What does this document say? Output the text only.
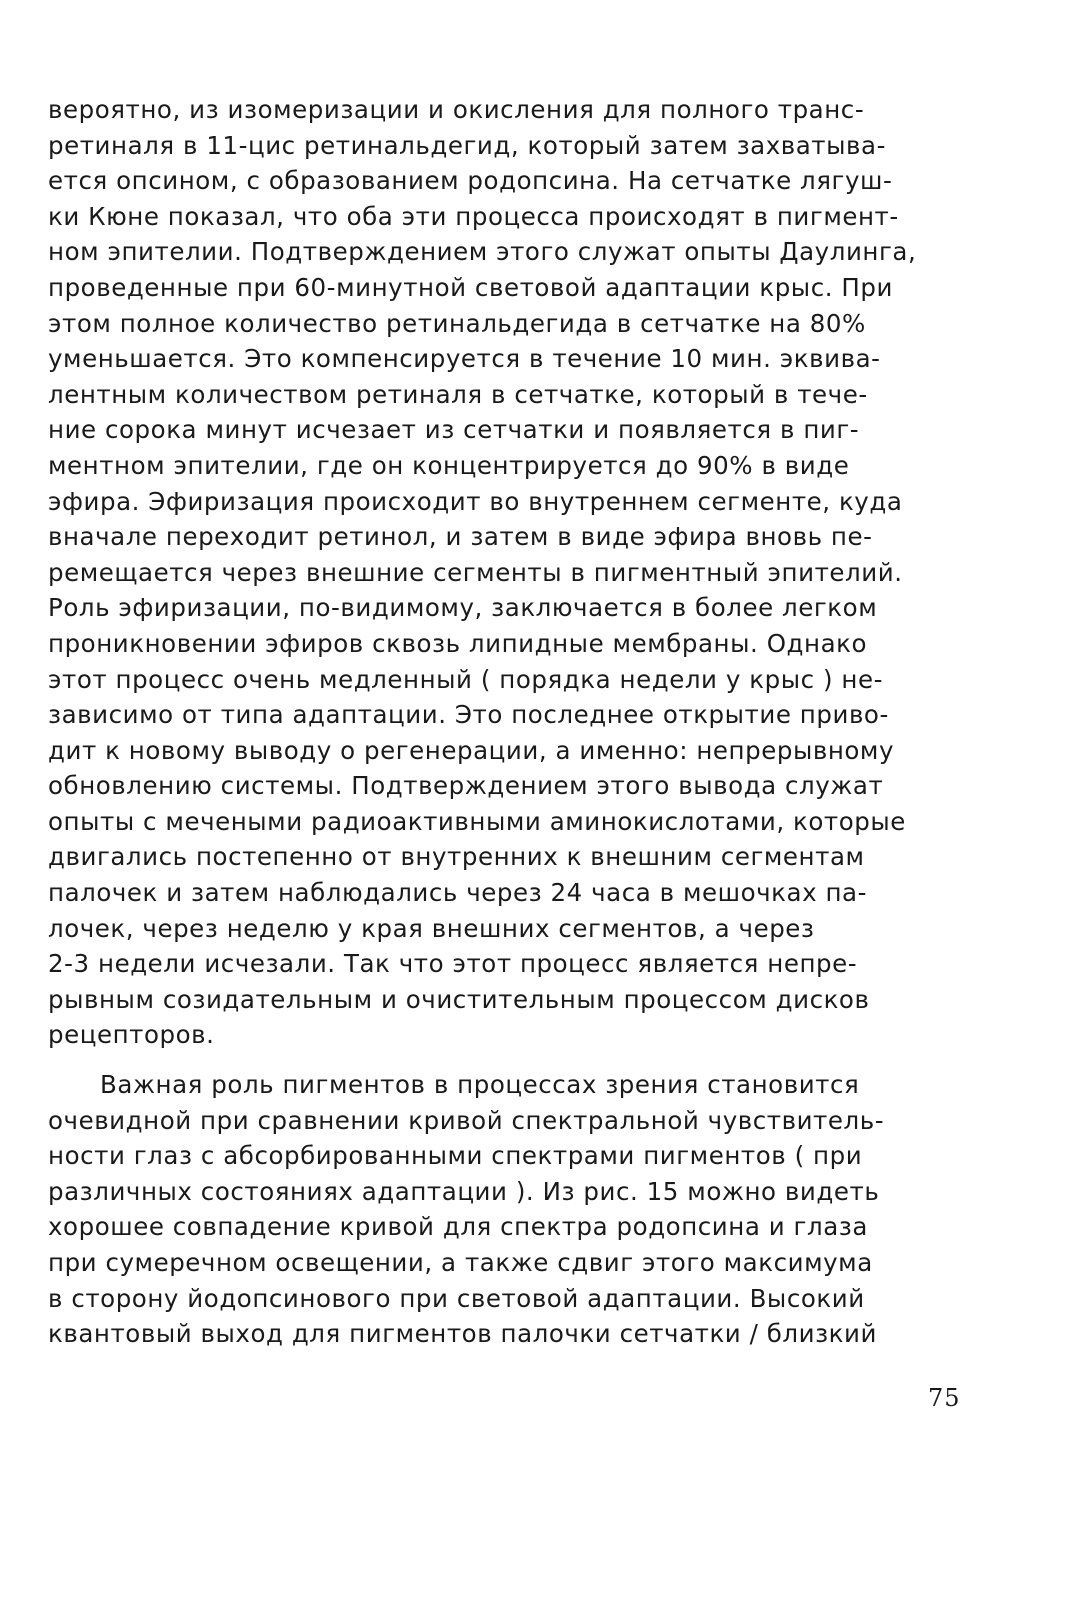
вероятно, из изомеризации и окисления для полного транс-
ретиналя в 11-цис ретинальдегид, который затем захватыва-
ется опсином, с образованием родопсина. На сетчатке лягуш-
ки Кюне показал, что оба эти процесса происходят в пигмент-
ном эпителии. Подтверждением этого служат опыты Даулинга,
проведенные при 60-минутной световой адаптации крыс. При
этом полное количество ретинальдегида в сетчатке на 80%
уменьшается. Это компенсируется в течение 10 мин. эквива-
лентным количеством ретиналя в сетчатке, который в тече-
ние сорока минут исчезает из сетчатки и появляется в пиг-
ментном эпителии, где он концентрируется до 90% в виде
эфира. Эфиризация происходит во внутреннем сегменте, куда
вначале переходит ретинол, и затем в виде эфира вновь пе-
ремещается через внешние сегменты в пигментный эпителий.
Роль эфиризации, по-видимому, заключается в более легком
проникновении эфиров сквозь липидные мембраны. Однако
этот процесс очень медленный ( порядка недели у крыс ) не-
зависимо от типа адаптации. Это последнее открытие приво-
дит к новому выводу о регенерации, а именно: непрерывному
обновлению системы. Подтверждением этого вывода служат
опыты с мечеными радиоактивными аминокислотами, которые
двигались постепенно от внутренних к внешним сегментам
палочек и затем наблюдались через 24 часа в мешочках па-
лочек, через неделю у края внешних сегментов, а через
2-3 недели исчезали. Так что этот процесс является непре-
рывным созидательным и очистительным процессом дисков
рецепторов.
Важная роль пигментов в процессах зрения становится
очевидной при сравнении кривой спектральной чувствитель-
ности глаз с абсорбированными спектрами пигментов ( при
различных состояниях адаптации ). Из рис. 15 можно видеть
хорошее совпадение кривой для спектра родопсина и глаза
при сумеречном освещении, а также сдвиг этого максимума
в сторону йодопсинового при световой адаптации. Высокий
квантовый выход для пигментов палочки сетчатки / близкий
75
